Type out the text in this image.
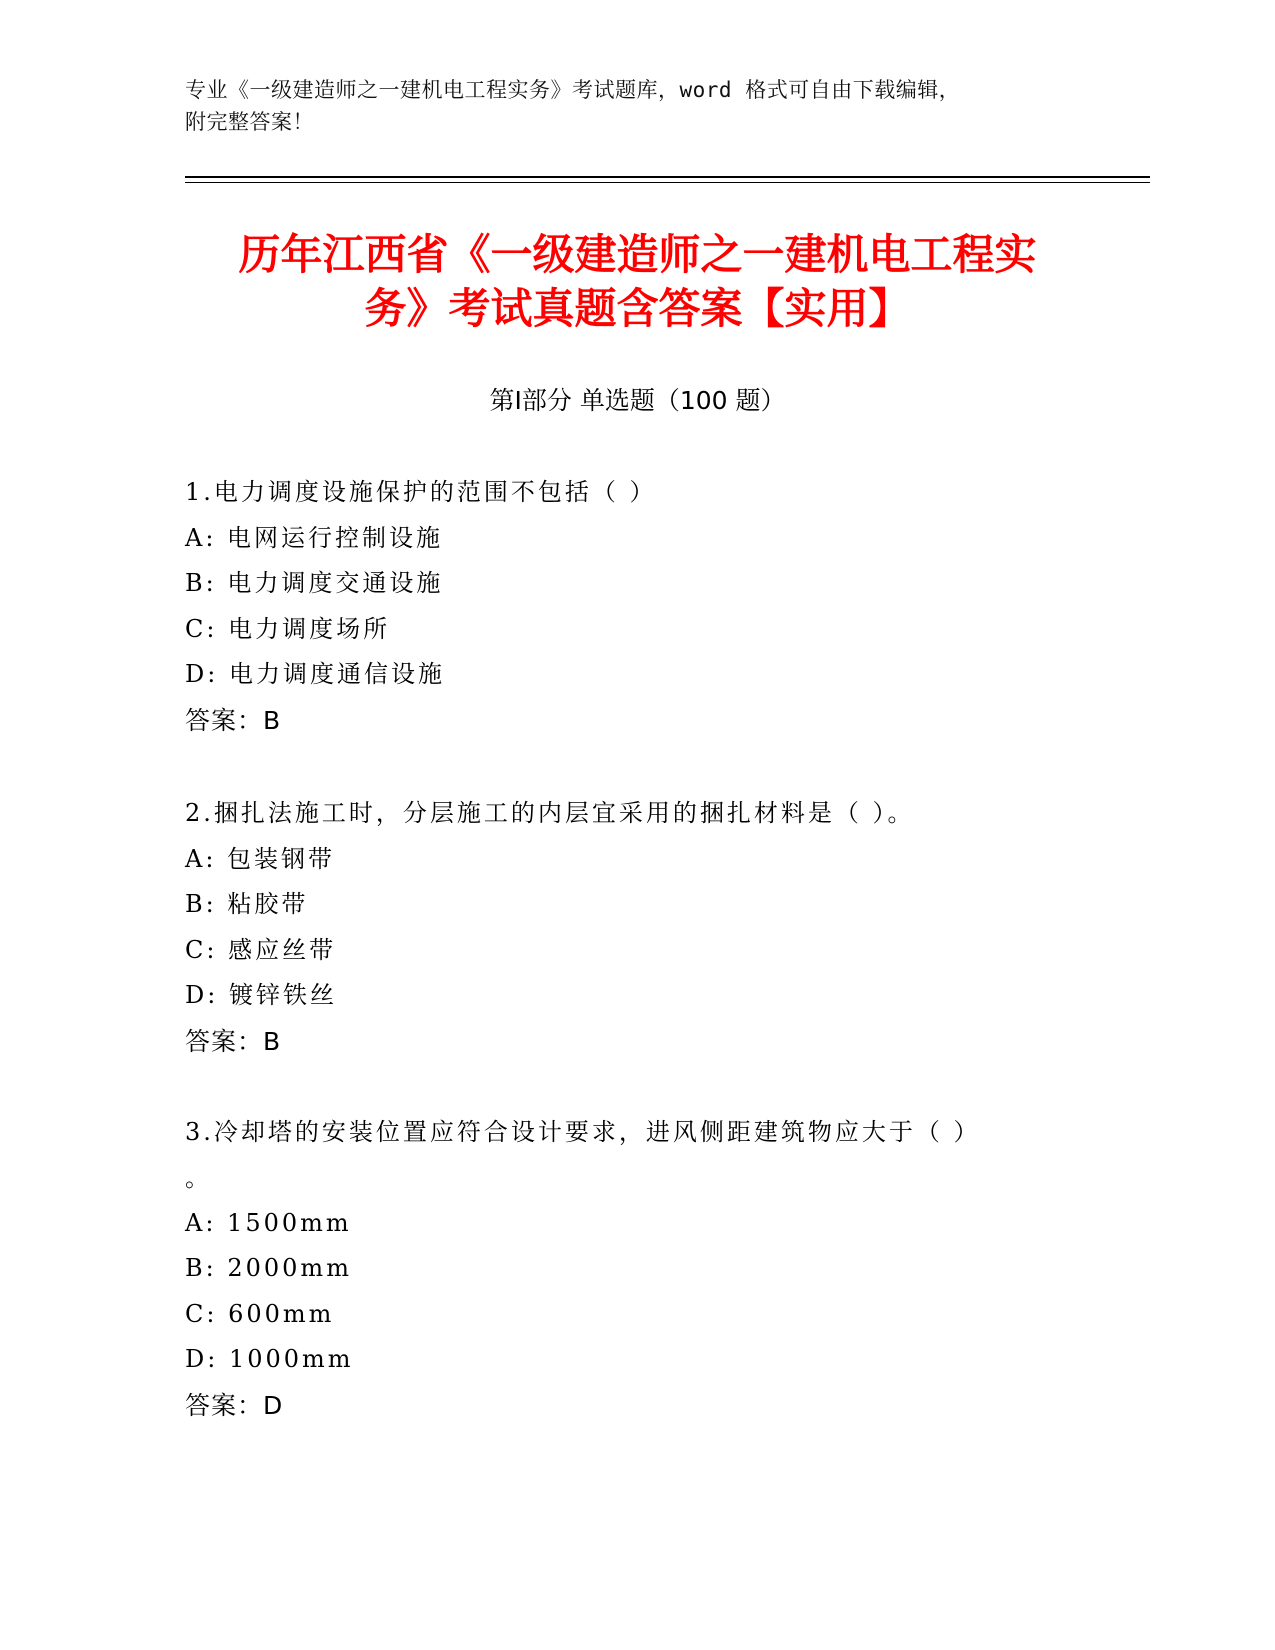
专业《一级建造师之一建机电工程实务》考试题库，word 格式可自由下载编辑，
附完整答案！
历年江西省《一级建造师之一建机电工程实
务》考试真题含答案【实用】
第Ⅰ部分 单选题（100 题）
1.电力调度设施保护的范围不包括（ ）
A: 电网运行控制设施
B: 电力调度交通设施
C: 电力调度场所
D: 电力调度通信设施
答案：B
2.捆扎法施工时，分层施工的内层宜采用的捆扎材料是（ ）。
A: 包装钢带
B: 粘胶带
C: 感应丝带
D: 镀锌铁丝
答案：B
3.冷却塔的安装位置应符合设计要求，进风侧距建筑物应大于（ ）
。
A: 1500mm
B: 2000mm
C: 600mm
D: 1000mm
答案：D
